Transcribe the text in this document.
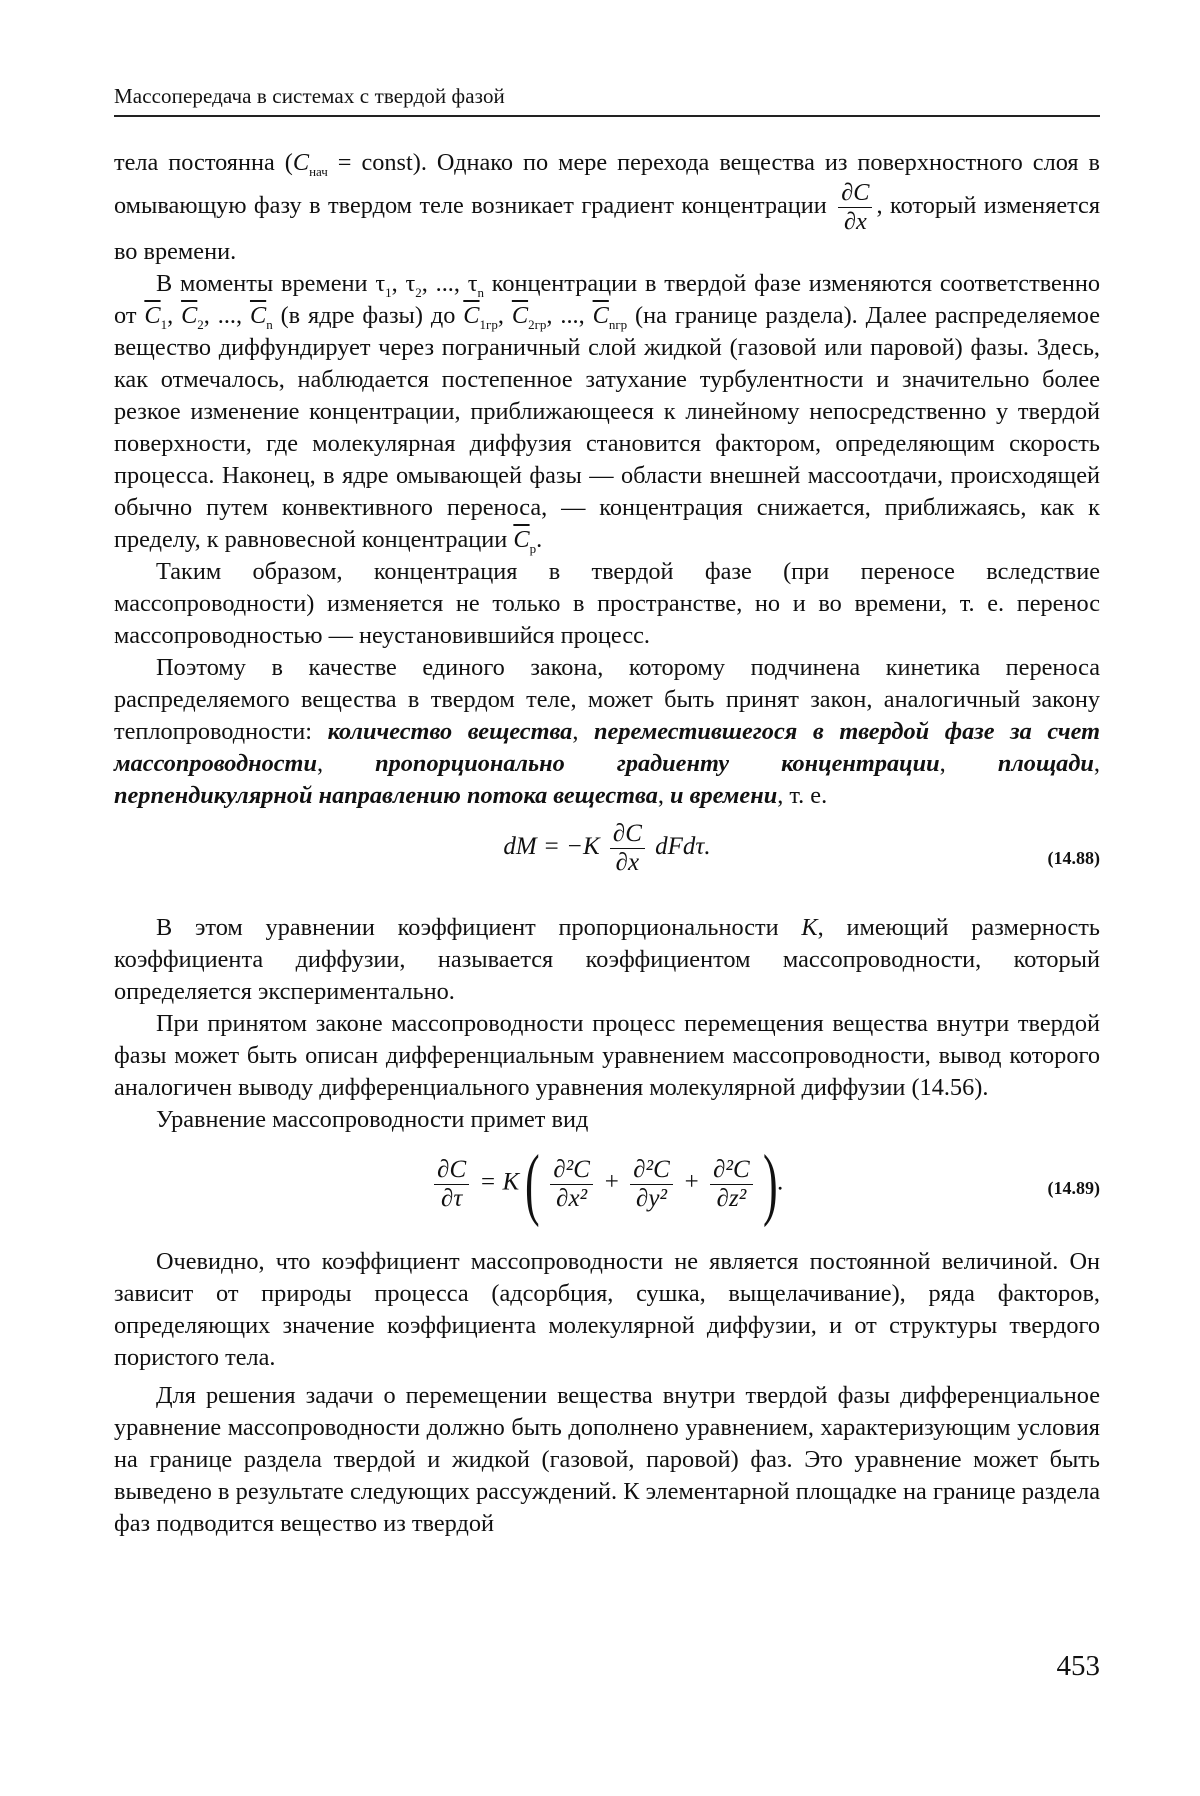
Массопередача в системах с твердой фазой

тела постоянна (Cнач = const). Однако по мере перехода вещества из поверхностного слоя в омывающую фазу в твердом теле возникает градиент концентрации ∂C
∂x
, который изменяется во времени.

В моменты времени τ1, τ2, ..., τn концентрации в твердой фазе изменяются соответственно от C1, C2, ..., Cn (в ядре фазы) до C1гр, C2гр, ..., Cnгр (на границе раздела). Далее распределяемое вещество диффундирует через пограничный слой жидкой (газовой или паровой) фазы. Здесь, как отмечалось, наблюдается постепенное затухание турбулентности и значительно более резкое изменение концентрации, приближающееся к линейному непосредственно у твердой поверхности, где молекулярная диффузия становится фактором, определяющим скорость процесса. Наконец, в ядре омывающей фазы — области внешней массоотдачи, происходящей обычно путем конвективного переноса, — концентрация снижается, приближаясь, как к пределу, к равновесной концентрации Cр.

Таким образом, концентрация в твердой фазе (при переносе вследствие массопроводности) изменяется не только в пространстве, но и во времени, т. е. перенос массопроводностью — неустановившийся процесс.

Поэтому в качестве единого закона, которому подчинена кинетика переноса распределяемого вещества в твердом теле, может быть принят закон, аналогичный закону теплопроводности: количество вещества, переместившегося в твердой фазе за счет массопроводности, пропорционально градиенту концентрации, площади, перпендикулярной направлению потока вещества, и времени, т. е.

dM = −K ∂C
∂x
dFdτ.	(14.88)

В этом уравнении коэффициент пропорциональности K, имеющий размерность коэффициента диффузии, называется коэффициентом массопроводности, который определяется экспериментально.

При принятом законе массопроводности процесс перемещения вещества внутри твердой фазы может быть описан дифференциальным уравнением массопроводности, вывод которого аналогичен выводу дифференциального уравнения молекулярной диффузии (14.56).

Уравнение массопроводности примет вид

∂C
∂τ
= K ( ∂²C
∂x²
+ ∂²C
∂y²
+ ∂²C
∂z² ).	(14.89)

Очевидно, что коэффициент массопроводности не является постоянной величиной. Он зависит от природы процесса (адсорбция, сушка, выщелачивание), ряда факторов, определяющих значение коэффициента молекулярной диффузии, и от структуры твердого пористого тела.

Для решения задачи о перемещении вещества внутри твердой фазы дифференциальное уравнение массопроводности должно быть дополнено уравнением, характеризующим условия на границе раздела твердой и жидкой (газовой, паровой) фаз. Это уравнение может быть выведено в результате следующих рассуждений. К элементарной площадке на границе раздела фаз подводится вещество из твердой

453
